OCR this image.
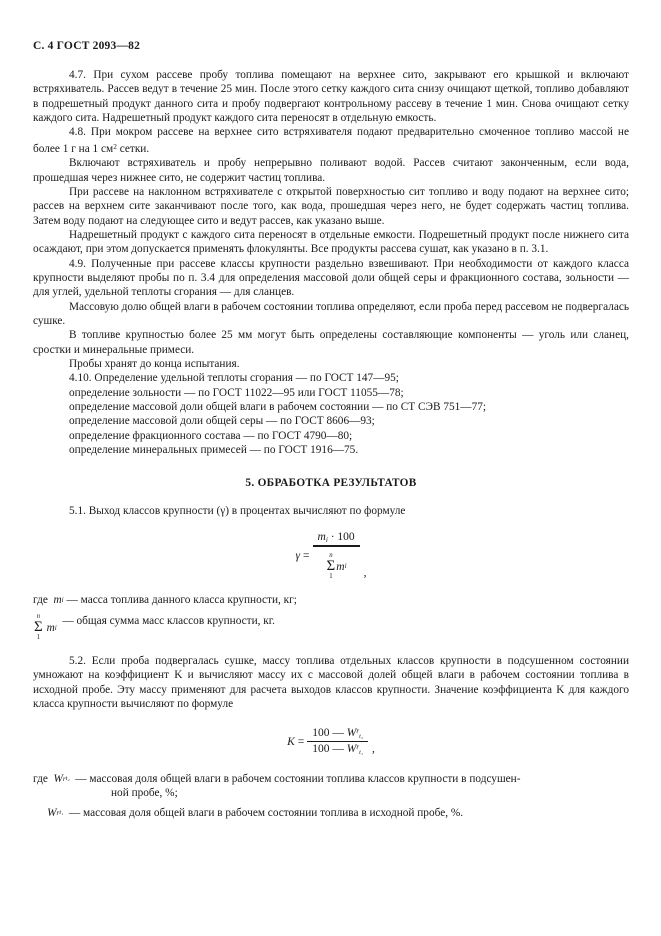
С. 4 ГОСТ 2093—82

4.7. При сухом рассеве пробу топлива помещают на верхнее сито, закрывают его крышкой и включают встряхиватель. Рассев ведут в течение 25 мин. После этого сетку каждого сита снизу очищают щеткой, топливо добавляют в подрешетный продукт данного сита и пробу подвергают контрольному рассеву в течение 1 мин. Снова очищают сетку каждого сита. Надрешетный продукт каждого сита переносят в отдельную емкость.

4.8. При мокром рассеве на верхнее сито встряхивателя подают предварительно смоченное топливо массой не более 1 г на 1 $см^2$ сетки.

Включают встряхиватель и пробу непрерывно поливают водой. Рассев считают законченным, если вода, прошедшая через нижнее сито, не содержит частиц топлива.

При рассеве на наклонном встряхивателе с открытой поверхностью сит топливо и воду подают на верхнее сито; рассев на верхнем сите заканчивают после того, как вода, прошедшая через него, не будет содержать частиц топлива. Затем воду подают на следующее сито и ведут рассев, как указано выше.

Надрешетный продукт с каждого сита переносят в отдельные емкости. Подрешетный продукт после нижнего сита осаждают, при этом допускается применять флокулянты. Все продукты рассева сушат, как указано в п. 3.1.

4.9. Полученные при рассеве классы крупности раздельно взвешивают. При необходимости от каждого класса крупности выделяют пробы по п. 3.4 для определения массовой доли общей серы и фракционного состава, зольности — для углей, удельной теплоты сгорания — для сланцев.

Массовую долю общей влаги в рабочем состоянии топлива определяют, если проба перед рассевом не подвергалась сушке.

В топливе крупностью более 25 мм могут быть определены составляющие компоненты — уголь или сланец, сростки и минеральные примеси.

Пробы хранят до конца испытания.

4.10. Определение удельной теплоты сгорания — по ГОСТ 147—95;

определение зольности — по ГОСТ 11022—95 или ГОСТ 11055—78;

определение массовой доли общей влаги в рабочем состоянии — по СТ СЭВ 751—77;

определение массовой доли общей серы — по ГОСТ 8606—93;

определение фракционного состава — по ГОСТ 4790—80;

определение минеральных примесей — по ГОСТ 1916—75.

5. ОБРАБОТКА РЕЗУЛЬТАТОВ

5.1. Выход классов крупности (γ) в процентах вычисляют по формуле

$\gamma = m_i \cdot 100$
n
Σ
1
m i ,
где
m i
— масса топлива данного класса крупности, кг;
n
Σ
1

m i

— общая сумма масс классов крупности, кг.

5.2. Если проба подвергалась сушке, массу топлива отдельных классов крупности в подсушенном состоянии умножают на коэффициент K и вычисляют массу их с массовой долей общей влаги в рабочем состоянии топлива в исходной пробе. Эту массу применяют для расчета выходов классов крупности. Значение коэффициента K для каждого класса крупности вычисляют по формуле

$K = \frac{100 — W^r_{t_2}}{100 — W^r_{t_1}}$ ,
где
W r t₂
— массовая доля общей влаги в рабочем состоянии топлива классов крупности в подсушен-
ной пробе, %;

W r t₁
— массовая доля общей влаги в рабочем состоянии топлива в исходной пробе, %.
